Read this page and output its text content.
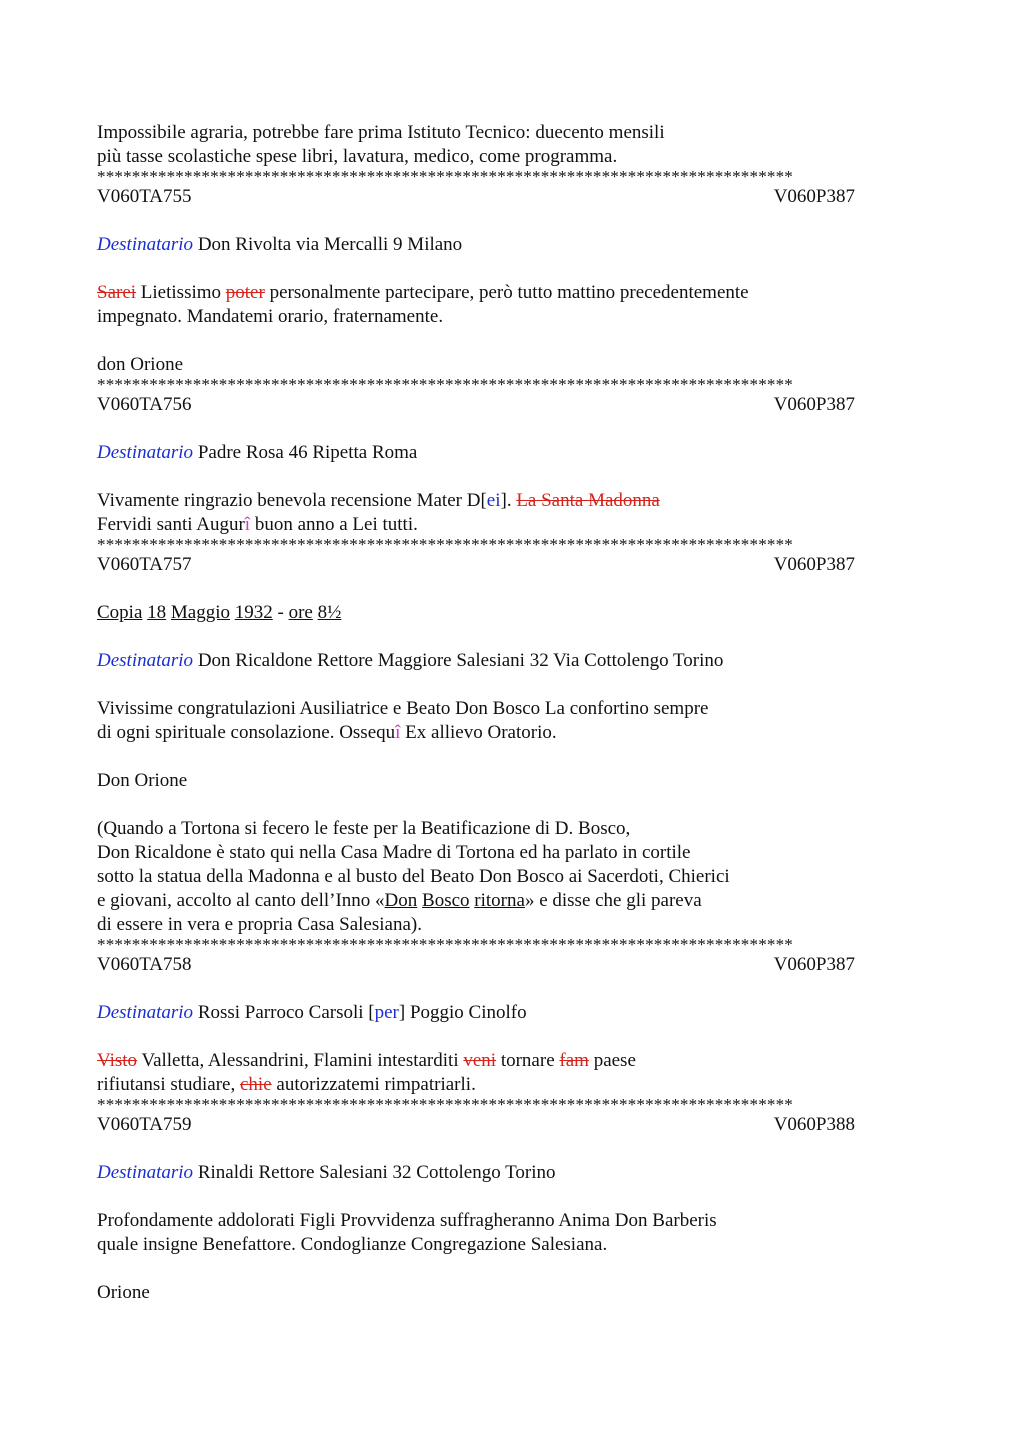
Impossibile agraria, potrebbe fare prima Istituto Tecnico: duecento mensili
più tasse scolastiche spese libri, lavatura, medico, come programma.
********************************************************************************
V060TA755	V060P387
Destinatario Don Rivolta via Mercalli 9 Milano
Sarei Lietissimo poter personalmente partecipare, però tutto mattino precedentemente
impegnato. Mandatemi orario, fraternamente.
don Orione
********************************************************************************
V060TA756	V060P387
Destinatario Padre Rosa 46 Ripetta Roma
Vivamente ringrazio benevola recensione Mater D[ei]. La Santa Madonna
Fervidi santi Augurî buon anno a Lei tutti.
********************************************************************************
V060TA757	V060P387
Copia 18 Maggio 1932 - ore 8½
Destinatario Don Ricaldone Rettore Maggiore Salesiani 32 Via Cottolengo Torino
Vivissime congratulazioni Ausiliatrice e Beato Don Bosco La confortino sempre
di ogni spirituale consolazione. Ossequî Ex allievo Oratorio.
Don Orione
(Quando a Tortona si fecero le feste per la Beatificazione di D. Bosco,
Don Ricaldone è stato qui nella Casa Madre di Tortona ed ha parlato in cortile
sotto la statua della Madonna e al busto del Beato Don Bosco ai Sacerdoti, Chierici
e giovani, accolto al canto dell’Inno «Don Bosco ritorna» e disse che gli pareva
di essere in vera e propria Casa Salesiana).
********************************************************************************
V060TA758	V060P387
Destinatario Rossi Parroco Carsoli [per] Poggio Cinolfo
Visto Valletta, Alessandrini, Flamini intestarditi veni tornare fam paese
rifiutansi studiare, chie autorizzatemi rimpatriarli.
********************************************************************************
V060TA759	V060P388
Destinatario Rinaldi Rettore Salesiani 32 Cottolengo Torino
Profondamente addolorati Figli Provvidenza suffragheranno Anima Don Barberis
quale insigne Benefattore. Condoglianze Congregazione Salesiana.
Orione
